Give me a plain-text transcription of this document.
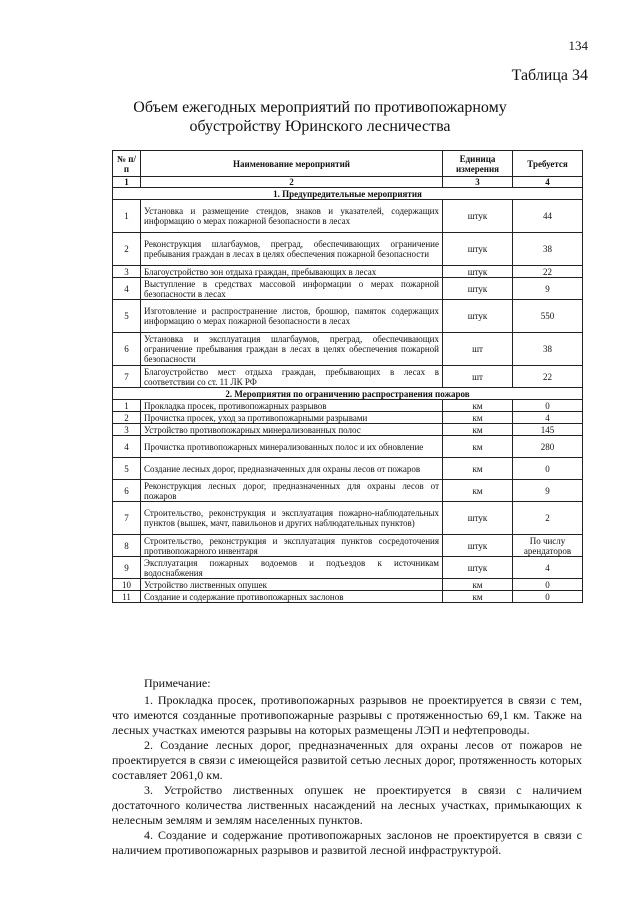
134
Таблица 34
Объем ежегодных мероприятий по противопожарному
обустройству Юринского лесничества
№ п/п	Наименование мероприятий	Единица измерения	Требуется
1	2	3	4
1. Предупредительные мероприятия			
1	Установка и размещение стендов, знаков и указателей, содержащих информацию о мерах пожарной безопасности в лесах	штук	44
2	Реконструкция шлагбаумов, преград, обеспечивающих ограничение пребывания граждан в лесах в целях обеспечения пожарной безопасности	штук	38
3	Благоустройство зон отдыха граждан, пребывающих в лесах	штук	22
4	Выступление в средствах массовой информации о мерах пожарной безопасности в лесах	штук	9
5	Изготовление и распространение листов, брошюр, памяток содержащих информацию о мерах пожарной безопасности в лесах	штук	550
6	Установка и эксплуатация шлагбаумов, преград, обеспечивающих ограничение пребывания граждан в лесах в целях обеспечения пожарной безопасности	шт	38
7	Благоустройство мест отдыха граждан, пребывающих в лесах в соответствии со ст. 11 ЛК РФ	шт	22
2. Мероприятия по ограничению распространения пожаров			
1	Прокладка просек, противопожарных разрывов	км	0
2	Прочистка просек, уход за противопожарными разрывами	км	4
3	Устройство противопожарных минерализованных полос	км	145
4	Прочистка противопожарных минерализованных полос и их обновление	км	280
5	Создание лесных дорог, предназначенных для охраны лесов от пожаров	км	0
6	Реконструкция лесных дорог, предназначенных для охраны лесов от пожаров	км	9
7	Строительство, реконструкция и эксплуатация пожарно-наблюдательных пунктов (вышек, мачт, павильонов и других наблюдательных пунктов)	штук	2
8	Строительство, реконструкция и эксплуатация пунктов сосредоточения противопожарного инвентаря	штук	По числу арендаторов
9	Эксплуатация пожарных водоемов и подъездов к источникам водоснабжения	штук	4
10	Устройство лиственных опушек	км	0
11	Создание и содержание противопожарных заслонов	км	0
Примечание:

1. Прокладка просек, противопожарных разрывов не проектируется в связи с тем, что имеются созданные противопожарные разрывы с протяженностью 69,1 км. Также на лесных участках имеются разрывы на которых размещены ЛЭП и нефтепроводы.

2. Создание лесных дорог, предназначенных для охраны лесов от пожаров не проектируется в связи с имеющейся развитой сетью лесных дорог, протяженность которых составляет 2061,0 км.

3. Устройство лиственных опушек не проектируется в связи с наличием достаточного количества лиственных насаждений на лесных участках, примыкающих к нелесным землям и землям населенных пунктов.

4. Создание и содержание противопожарных заслонов не проектируется в связи с наличием противопожарных разрывов и развитой лесной инфраструктурой.
